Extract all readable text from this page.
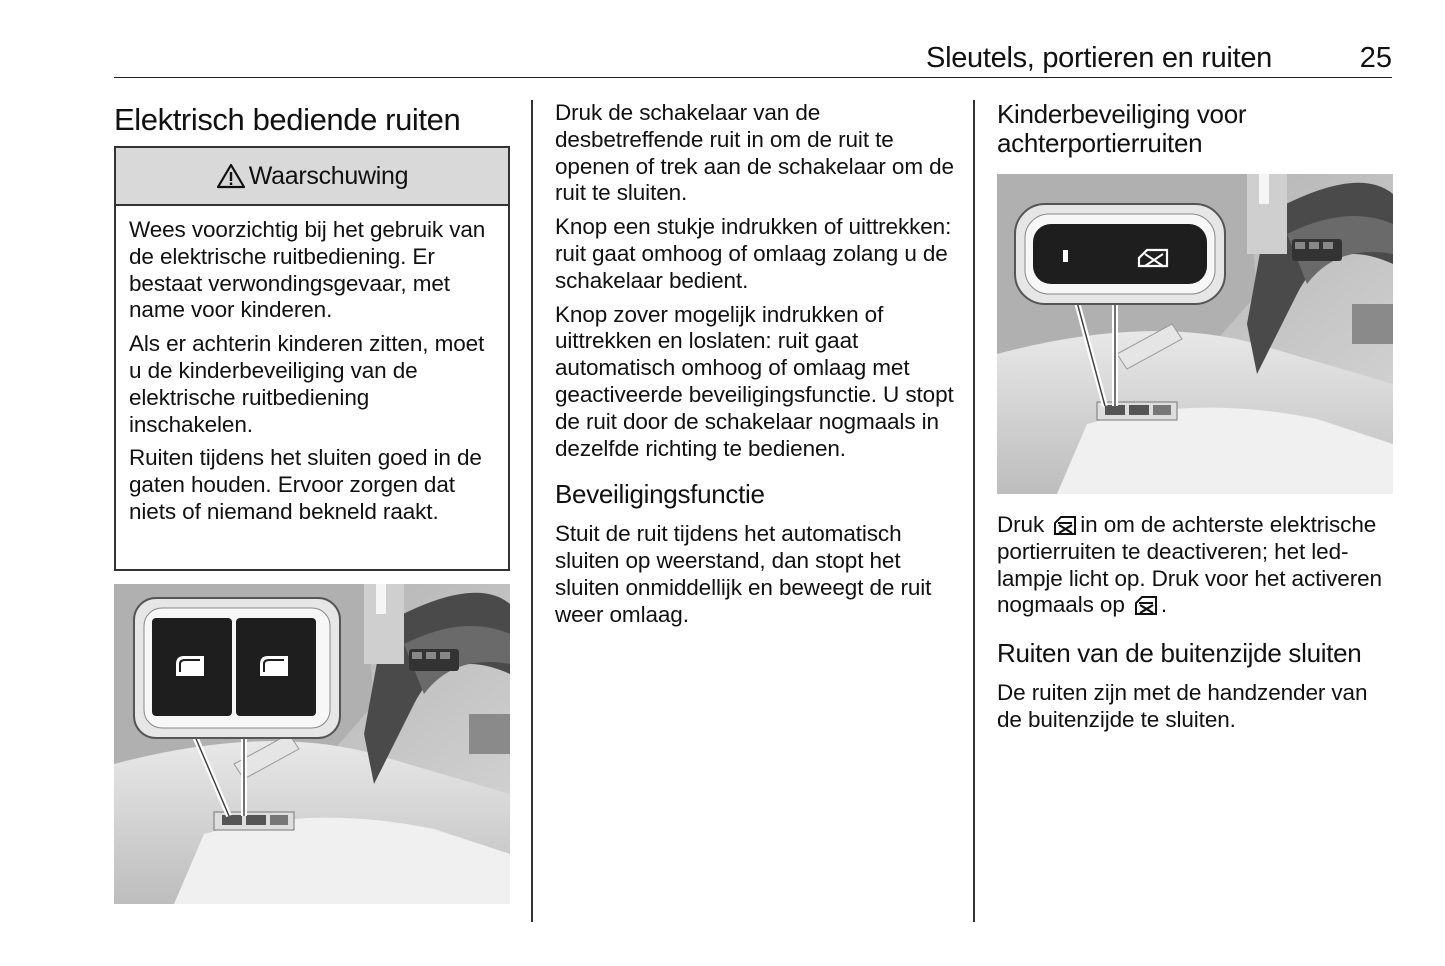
Sleutels, portieren en ruiten	25
Elektrisch bediende ruiten
Waarschuwing

Wees voorzichtig bij het gebruik van de elektrische ruitbediening. Er bestaat verwondingsgevaar, met name voor kinderen.

Als er achterin kinderen zitten, moet u de kinderbeveiliging van de elektrische ruitbediening inschakelen.

Ruiten tijdens het sluiten goed in de gaten houden. Ervoor zorgen dat niets of niemand bekneld raakt.

Druk de schakelaar van de desbetreffende ruit in om de ruit te openen of trek aan de schakelaar om de ruit te sluiten.

Knop een stukje indrukken of uittrekken: ruit gaat omhoog of omlaag zolang u de schakelaar bedient.

Knop zover mogelijk indrukken of uittrekken en loslaten: ruit gaat automatisch omhoog of omlaag met geactiveerde beveiligingsfunctie. U stopt de ruit door de schakelaar nogmaals in dezelfde richting te bedienen.

Beveiligingsfunctie

Stuit de ruit tijdens het automatisch sluiten op weerstand, dan stopt het sluiten onmiddellijk en beweegt de ruit weer omlaag.

Kinderbeveiliging voor achterportierruiten

Druk in om de achterste elektrische portierruiten te deactiveren; het led-lampje licht op. Druk voor het activeren nogmaals op .

Ruiten van de buitenzijde sluiten

De ruiten zijn met de handzender van de buitenzijde te sluiten.
